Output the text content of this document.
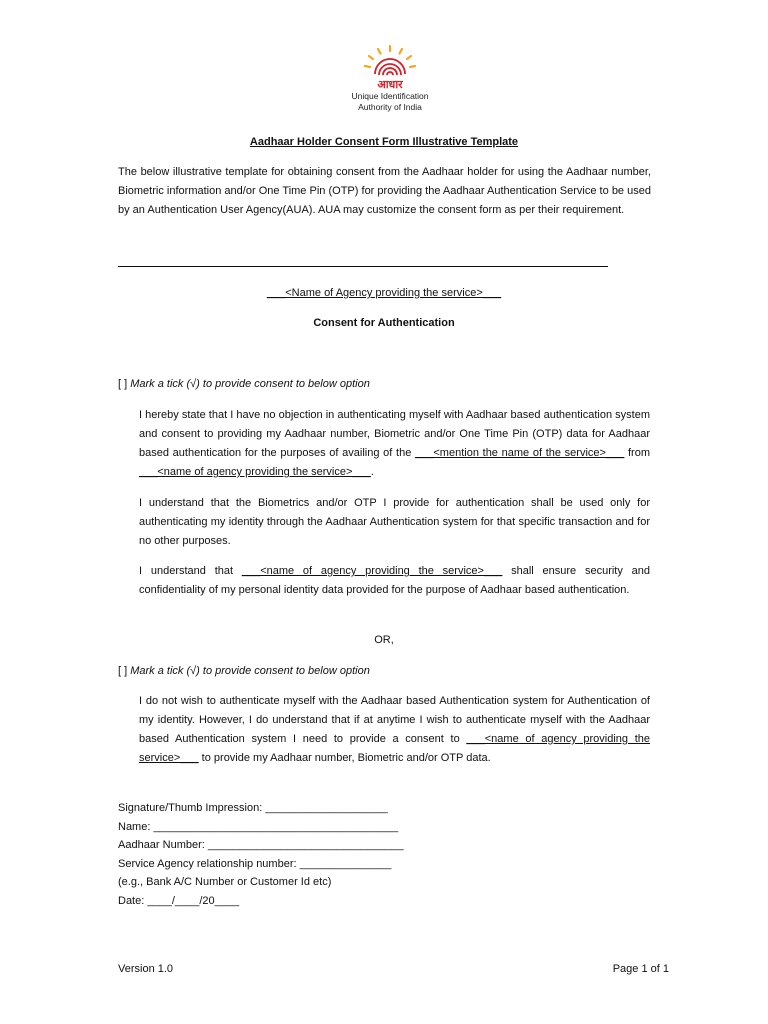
आधार
Unique Identification
Authority of India
Aadhaar Holder Consent Form Illustrative Template
The below illustrative template for obtaining consent from the Aadhaar holder for using the Aadhaar number, Biometric information and/or One Time Pin (OTP) for providing the Aadhaar Authentication Service to be used by an Authentication User Agency(AUA). AUA may customize the consent form as per their requirement.
___<Name of Agency providing the service>___
Consent for Authentication
[ ] Mark a tick (√) to provide consent to below option
I hereby state that I have no objection in authenticating myself with Aadhaar based authentication system and consent to providing my Aadhaar number, Biometric and/or One Time Pin (OTP) data for Aadhaar based authentication for the purposes of availing of the ___<mention the name of the service>___ from ___<name of agency providing the service>___.
I understand that the Biometrics and/or OTP I provide for authentication shall be used only for authenticating my identity through the Aadhaar Authentication system for that specific transaction and for no other purposes.
I understand that ___<name of agency providing the service>___ shall ensure security and confidentiality of my personal identity data provided for the purpose of Aadhaar based authentication.
OR,
[ ] Mark a tick (√) to provide consent to below option
I do not wish to authenticate myself with the Aadhaar based Authentication system for Authentication of my identity. However, I do understand that if at anytime I wish to authenticate myself with the Aadhaar based Authentication system I need to provide a consent to ___<name of agency providing the service>___ to provide my Aadhaar number, Biometric and/or OTP data.
Signature/Thumb Impression: ____________________
Name: ________________________________________
Aadhaar Number: ________________________________
Service Agency relationship number: _______________
(e.g., Bank A/C Number or Customer Id etc)
Date: ____/____/20____
Version 1.0	Page 1 of 1
